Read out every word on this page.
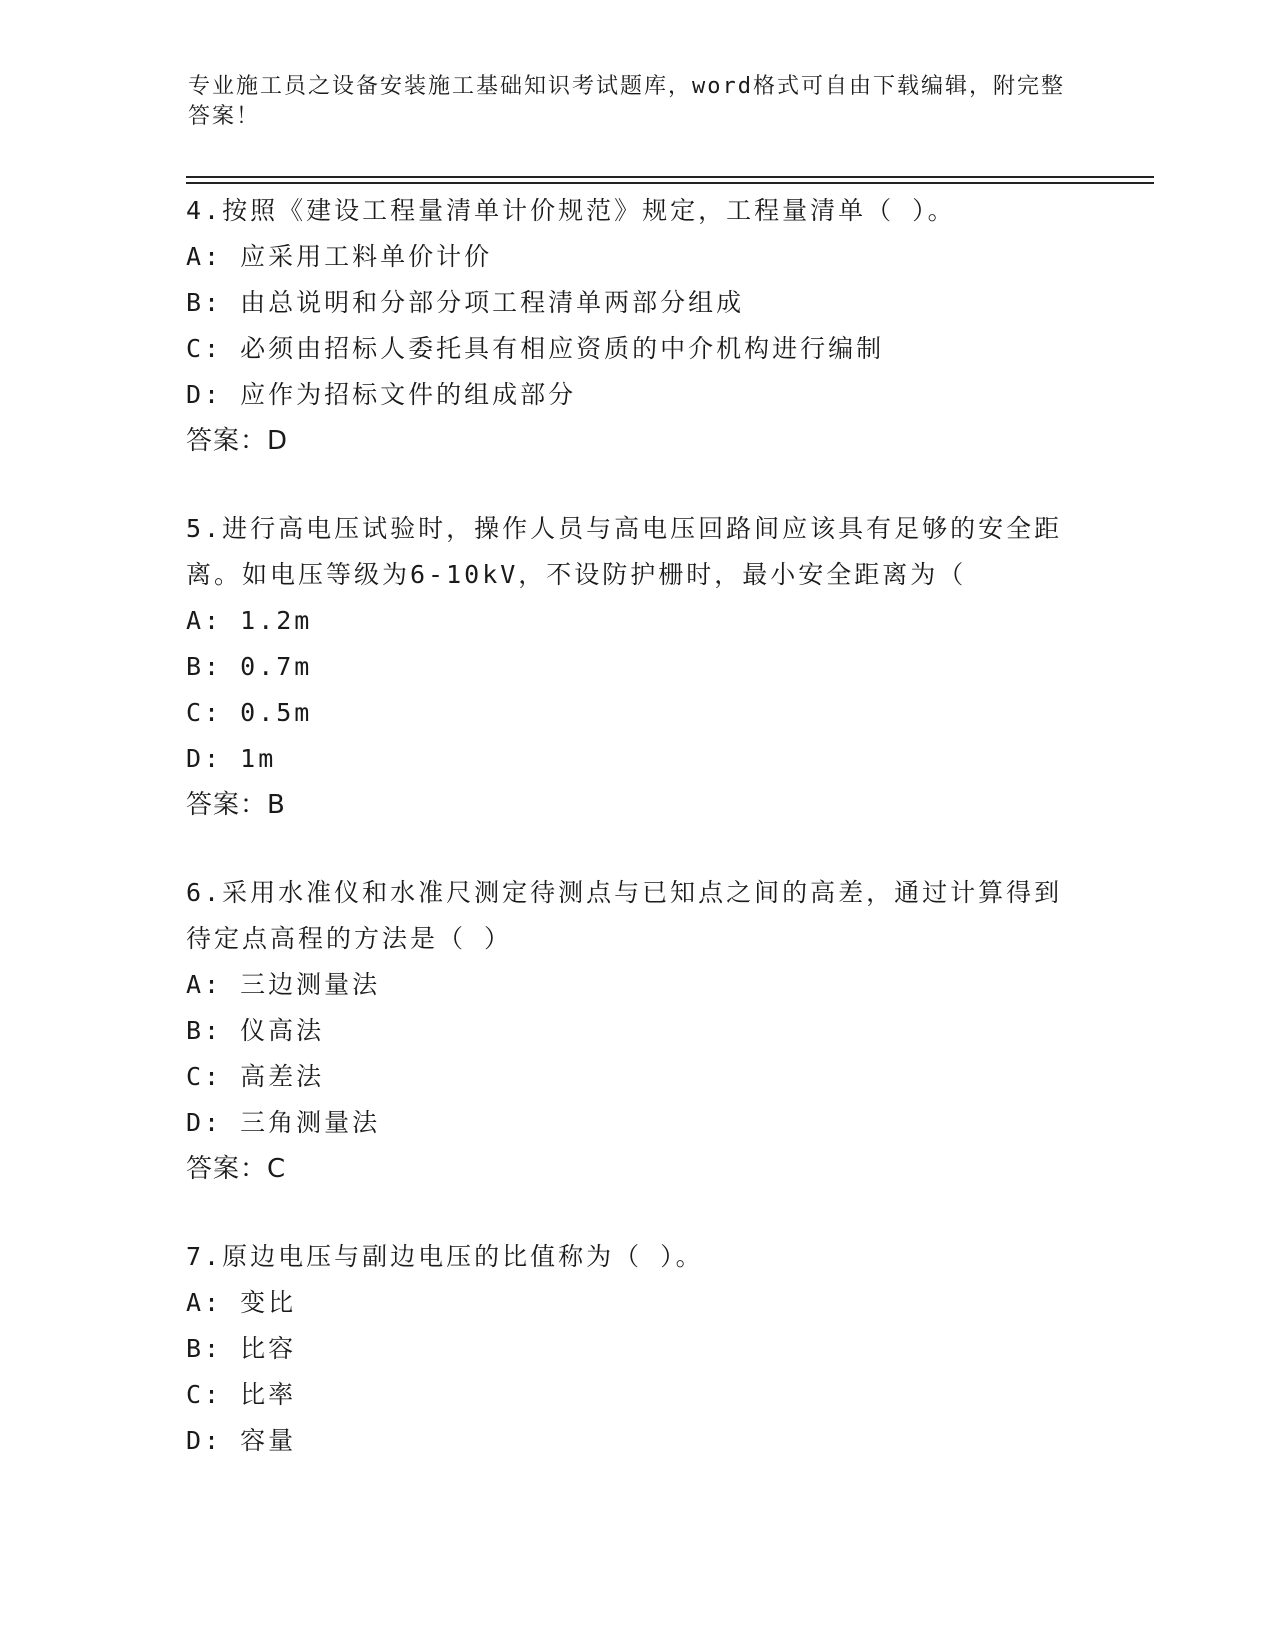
专业施工员之设备安装施工基础知识考试题库，word格式可自由下载编辑，附完整答案！

4.按照《建设工程量清单计价规范》规定，工程量清单（ ）。

A: 应采用工料单价计价

B: 由总说明和分部分项工程清单两部分组成

C: 必须由招标人委托具有相应资质的中介机构进行编制

D: 应作为招标文件的组成部分

答案：D

5.进行高电压试验时，操作人员与高电压回路间应该具有足够的安全距离。如电压等级为6-10kV，不设防护栅时，最小安全距离为（

A: 1.2m

B: 0.7m

C: 0.5m

D: 1m

答案：B

6.采用水准仪和水准尺测定待测点与已知点之间的高差，通过计算得到待定点高程的方法是（ ）

A: 三边测量法

B: 仪高法

C: 高差法

D: 三角测量法

答案：C

7.原边电压与副边电压的比值称为（ ）。

A: 变比

B: 比容

C: 比率

D: 容量
